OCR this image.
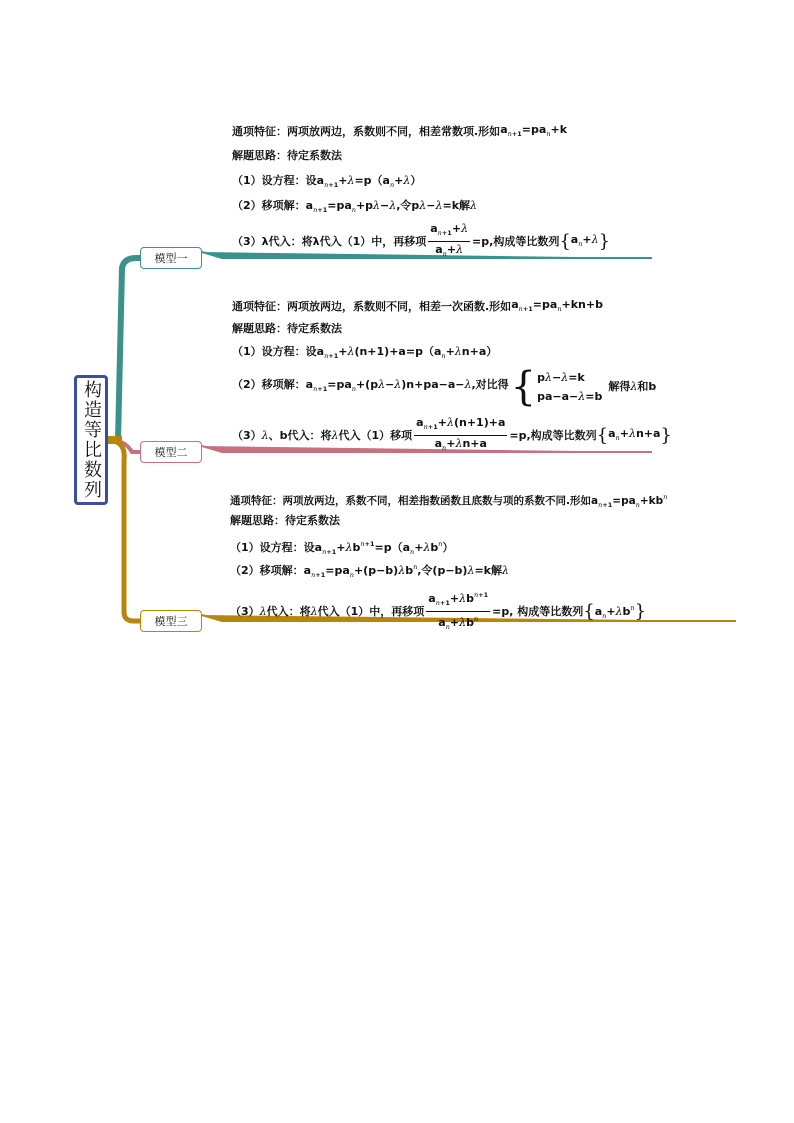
构造等比数列
模型一
模型二
模型三
通项特征：两项放两边，系数则不同，相差常数项.形如 $a_{n+1}=pa_n+k$
解题思路：待定系数法
（1）设方程：设$a_{n+1}+\lambda=p(a_n+\lambda)$
（2）移项解：$a_{n+1}=pa_n+p\lambda-\lambda$,令pλ−λ=k解λ
（3）λ代入：将λ代入（1）中，再移项 $\frac{a_{n+1}+\lambda}{a_n+\lambda} =p$,构成等比数列 { $a_n+\lambda$ }
通项特征：两项放两边，系数则不同，相差一次函数.形如 $a_{n+1}=pa_n+kn+b$
解题思路：待定系数法
（1）设方程：设$a_{n+1}+\lambda(n+1)+a=p(a_n+\lambda n+a)$
（2）移项解：$a_{n+1}=pa_n+(p\lambda-\lambda)n+pa-a-\lambda$,对比得 { pλ−λ=k
pa−a−λ=b
解得λ和b
（3）λ、b代入：将λ代入（1）移项 $\frac{a_{n+1}+\lambda(n+1)+a}{a_n+\lambda n+a} =p$,构成等比数列 { $a_n+\lambda n+a$ }
通项特征：两项放两边，系数不同，相差指数函数且底数与项的系数不同.形如 $a_{n+1}=pa_n+kb^n$
解题思路：待定系数法
（1）设方程：设$a_{n+1}+\lambda b^{n+1}=p(a_n+\lambda b^n)$
（2）移项解：$a_{n+1}=pa_n+(p-b)\lambda b^n$,令(p−b)λ=k解λ
（3）λ代入：将λ代入（1）中，再移项 $\frac{a_{n+1}+\lambda b^{n+1}}{a_n+\lambda b^n} =p$, 构成等比数列 { $a_n+\lambda b^n$ }
